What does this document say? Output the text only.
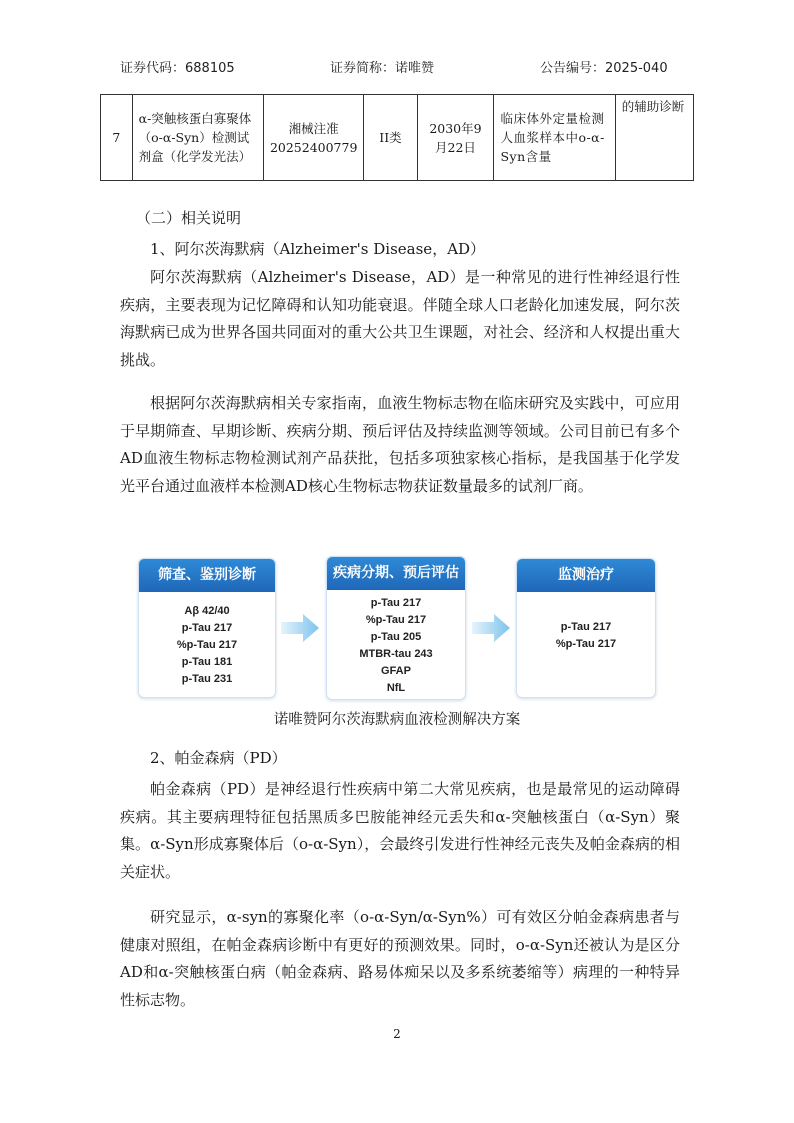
证券代码：688105	证券简称：诺唯赞	公告编号：2025-040
7	α-突触核蛋白寡聚体（o-α-Syn）检测试剂盒（化学发光法）	湘械注准20252400779	II类	2030年9月22日	临床体外定量检测人血浆样本中o-α-Syn含量	的辅助诊断
（二）相关说明
1、阿尔茨海默病（Alzheimer's Disease，AD）
阿尔茨海默病（Alzheimer's Disease，AD）是一种常见的进行性神经退行性疾病，主要表现为记忆障碍和认知功能衰退。伴随全球人口老龄化加速发展，阿尔茨海默病已成为世界各国共同面对的重大公共卫生课题，对社会、经济和人权提出重大挑战。
根据阿尔茨海默病相关专家指南，血液生物标志物在临床研究及实践中，可应用于早期筛查、早期诊断、疾病分期、预后评估及持续监测等领域。公司目前已有多个AD血液生物标志物检测试剂产品获批，包括多项独家核心指标，是我国基于化学发光平台通过血液样本检测AD核心生物标志物获证数量最多的试剂厂商。
筛查、鉴别诊断
Aβ 42/40
p-Tau 217
%p-Tau 217
p-Tau 181
p-Tau 231
疾病分期、预后评估
p-Tau 217
%p-Tau 217
p-Tau 205
MTBR-tau 243
GFAP
NfL
监测治疗
p-Tau 217
%p-Tau 217
诺唯赞阿尔茨海默病血液检测解决方案
2、帕金森病（PD）
帕金森病（PD）是神经退行性疾病中第二大常见疾病，也是最常见的运动障碍疾病。其主要病理特征包括黑质多巴胺能神经元丢失和α-突触核蛋白（α-Syn）聚集。α-Syn形成寡聚体后（o-α-Syn），会最终引发进行性神经元丧失及帕金森病的相关症状。
研究显示，α-syn的寡聚化率（o-α-Syn/α-Syn%）可有效区分帕金森病患者与健康对照组，在帕金森病诊断中有更好的预测效果。同时，o-α-Syn还被认为是区分AD和α-突触核蛋白病（帕金森病、路易体痴呆以及多系统萎缩等）病理的一种特异性标志物。
2
